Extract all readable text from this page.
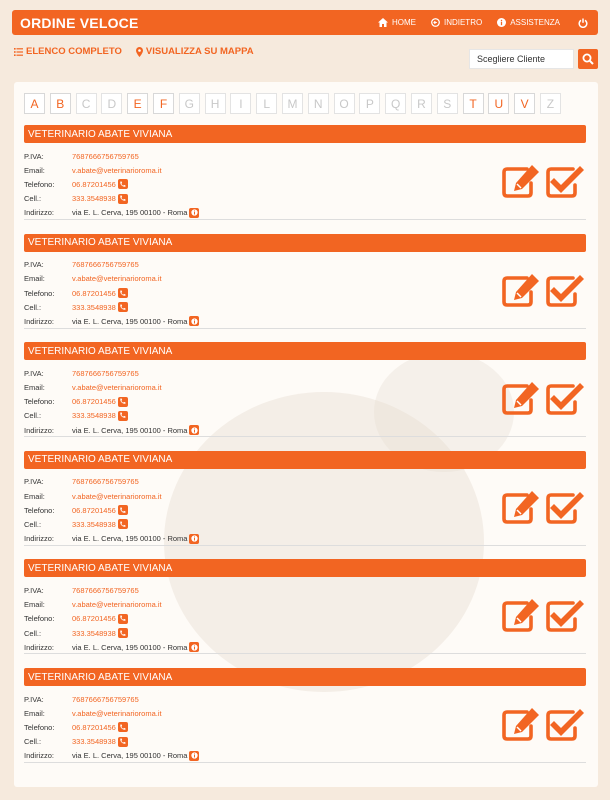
ORDINE VELOCE	HOME	INDIETRO	ASSISTENZA
ELENCO COMPLETO	VISUALIZZA SU MAPPA
Scegliere Cliente
A	B	C	D	E	F	G	H	I	L	M	N	O	P	Q	R	S	T	U	V	Z
VETERINARIO ABATE VIVIANA
P.IVA:	7687666756759765
Email:	v.abate@veterinarioroma.it
Telefono:	06.87201456
Cell.:	333.3548938
Indirizzo:	via E. L. Cerva, 195 00100 - Roma
VETERINARIO ABATE VIVIANA
P.IVA:	7687666756759765
Email:	v.abate@veterinarioroma.it
Telefono:	06.87201456
Cell.:	333.3548938
Indirizzo:	via E. L. Cerva, 195 00100 - Roma
VETERINARIO ABATE VIVIANA
P.IVA:	7687666756759765
Email:	v.abate@veterinarioroma.it
Telefono:	06.87201456
Cell.:	333.3548938
Indirizzo:	via E. L. Cerva, 195 00100 - Roma
VETERINARIO ABATE VIVIANA
P.IVA:	7687666756759765
Email:	v.abate@veterinarioroma.it
Telefono:	06.87201456
Cell.:	333.3548938
Indirizzo:	via E. L. Cerva, 195 00100 - Roma
VETERINARIO ABATE VIVIANA
P.IVA:	7687666756759765
Email:	v.abate@veterinarioroma.it
Telefono:	06.87201456
Cell.:	333.3548938
Indirizzo:	via E. L. Cerva, 195 00100 - Roma
VETERINARIO ABATE VIVIANA
P.IVA:	7687666756759765
Email:	v.abate@veterinarioroma.it
Telefono:	06.87201456
Cell.:	333.3548938
Indirizzo:	via E. L. Cerva, 195 00100 - Roma
